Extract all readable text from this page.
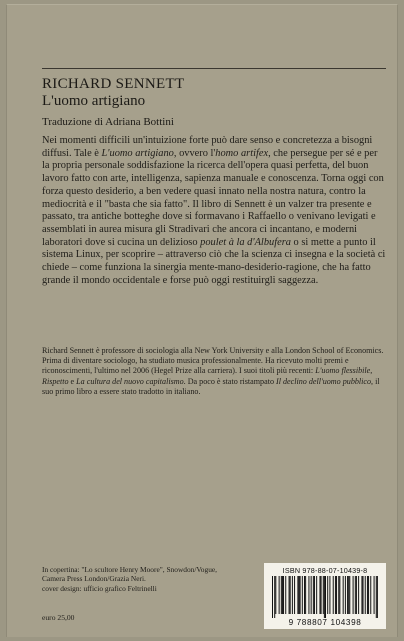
RICHARD SENNETT
L'uomo artigiano
Traduzione di Adriana Bottini

Nei momenti difficili un'intuizione forte può dare senso e concretezza a bisogni diffusi. Tale è L'uomo artigiano, ovvero l'homo artifex, che persegue per sé e per la propria personale soddisfazione la ricerca dell'opera quasi perfetta, del buon lavoro fatto con arte, intelligenza, sapienza manuale e conoscenza. Torna oggi con forza questo desiderio, a ben vedere quasi innato nella nostra natura, contro la mediocrità e il "basta che sia fatto". Il libro di Sennett è un valzer tra presente e passato, tra antiche botteghe dove si formavano i Raffaello o venivano levigati e assemblati in aurea misura gli Stradivari che ancora ci incantano, e moderni laboratori dove si cucina un delizioso poulet à la d'Albufera o si mette a punto il sistema Linux, per scoprire – attraverso ciò che la scienza ci insegna e la società ci chiede – come funziona la sinergia mente-mano-desiderio-ragione, che ha fatto grande il mondo occidentale e forse può oggi restituirgli saggezza.

Richard Sennett è professore di sociologia alla New York University e alla London School of Economics. Prima di diventare sociologo, ha studiato musica professionalmente. Ha ricevuto molti premi e riconoscimenti, l'ultimo nel 2006 (Hegel Prize alla carriera). I suoi titoli più recenti: L'uomo flessibile, Rispetto e La cultura del nuovo capitalismo. Da poco è stato ristampato Il declino dell'uomo pubblico, il suo primo libro a essere stato tradotto in italiano.

In copertina: "Lo scultore Henry Moore", Snowdon/Vogue,
Camera Press London/Grazia Neri.
cover design: ufficio grafico Feltrinelli
euro 25,00
ISBN 978-88-07-10439-8
9 788807 104398
